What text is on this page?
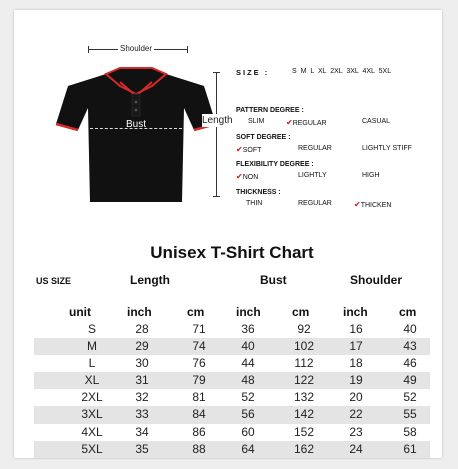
Shoulder
Length
Bust
SIZE :	S M L XL 2XL 3XL 4XL 5XL
PATTERN DEGREE :
SLIM	✔REGULAR	CASUAL
SOFT DEGREE :
✔SOFT	REGULAR	LIGHTLY STIFF
FLEXIBILITY DEGREE :
✔NON	LIGHTLY	HIGH
THICKNESS :
THIN	REGULAR	✔THICKEN
Unisex T-Shirt Chart
US SIZE	Length	Bust	Shoulder
unit	inch	cm	inch	cm	inch	cm
S	28	71	36	92	16	40
M	29	74	40	102	17	43
L	30	76	44	112	18	46
XL	31	79	48	122	19	49
2XL	32	81	52	132	20	52
3XL	33	84	56	142	22	55
4XL	34	86	60	152	23	58
5XL	35	88	64	162	24	61
